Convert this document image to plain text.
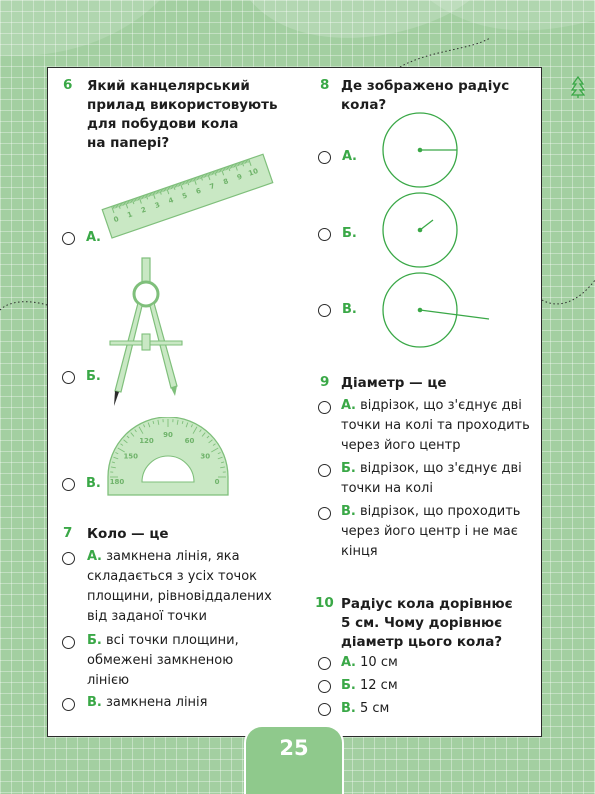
6 Який канцелярський
прилад використовують
для побудови кола
на папері?
0
1
2
3
4
5
6
7
8
9 10
А.
Б.
180
150
120
90
60
30
0
В.
7 Коло — це
А. замкнена лінія, яка
складається з усіх точок
площини, рівновіддалених
від заданої точки
Б. всі точки площини,
обмежені замкненою
лінією
В. замкнена лінія
8 Де зображено радіус
кола?
А.
Б.
В.
9 Діаметр — це
А. відрізок, що з'єднує дві
точки на колі та проходить
через його центр
Б. відрізок, що з'єднує дві
точки на колі
В. відрізок, що проходить
через його центр і не має
кінця
10 Радіус кола дорівнює
5 см. Чому дорівнює
діаметр цього кола?
А. 10 см
Б. 12 см
В. 5 см
25
